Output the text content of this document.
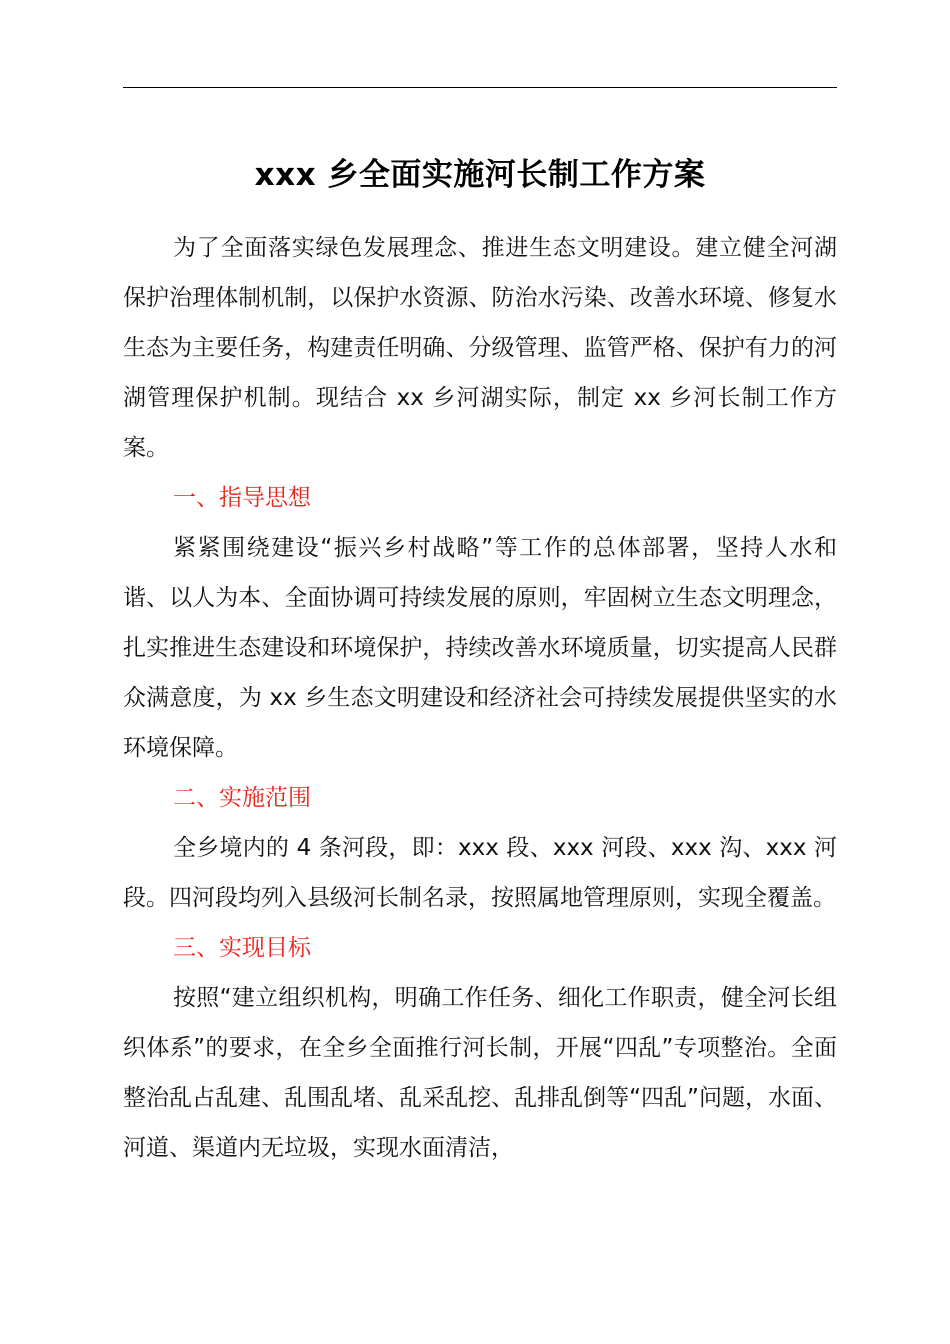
xxx 乡全面实施河长制工作方案

为了全面落实绿色发展理念、推进生态文明建设。建立健全河湖保护治理体制机制，以保护水资源、防治水污染、改善水环境、修复水生态为主要任务，构建责任明确、分级管理、监管严格、保护有力的河湖管理保护机制。现结合 xx 乡河湖实际，制定 xx 乡河长制工作方案。

一、指导思想

紧紧围绕建设“振兴乡村战略”等工作的总体部署，坚持人水和谐、以人为本、全面协调可持续发展的原则，牢固树立生态文明理念，扎实推进生态建设和环境保护，持续改善水环境质量，切实提高人民群众满意度，为 xx 乡生态文明建设和经济社会可持续发展提供坚实的水环境保障。

二、实施范围

全乡境内的 4 条河段，即：xxx 段、xxx 河段、xxx 沟、xxx 河段。四河段均列入县级河长制名录，按照属地管理原则，实现全覆盖。

三、实现目标

按照“建立组织机构，明确工作任务、细化工作职责，健全河长组织体系”的要求，在全乡全面推行河长制，开展“四乱”专项整治。全面整治乱占乱建、乱围乱堵、乱采乱挖、乱排乱倒等“四乱”问题，水面、河道、渠道内无垃圾，实现水面清洁，
